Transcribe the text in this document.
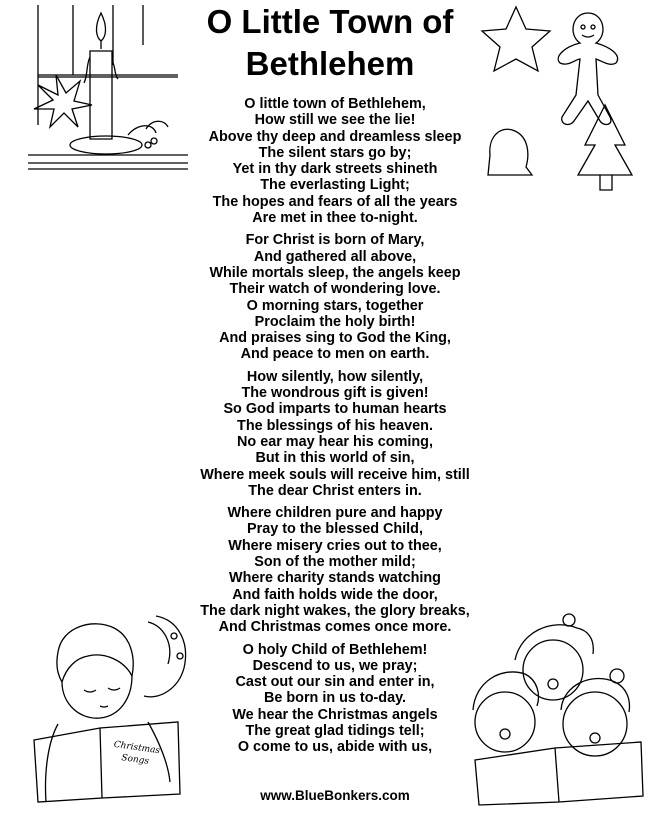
O Little Town of
Bethlehem
O little town of Bethlehem,
How still we see the lie!
Above thy deep and dreamless sleep
The silent stars go by;
Yet in thy dark streets shineth
The everlasting Light;
The hopes and fears of all the years
Are met in thee to-night.
For Christ is born of Mary,
And gathered all above,
While mortals sleep, the angels keep
Their watch of wondering love.
O morning stars, together
Proclaim the holy birth!
And praises sing to God the King,
And peace to men on earth.
How silently, how silently,
The wondrous gift is given!
So God imparts to human hearts
The blessings of his heaven.
No ear may hear his coming,
But in this world of sin,
Where meek souls will receive him, still
The dear Christ enters in.
Where children pure and happy
Pray to the blessed Child,
Where misery cries out to thee,
Son of the mother mild;
Where charity stands watching
And faith holds wide the door,
The dark night wakes, the glory breaks,
And Christmas comes once more.
O holy Child of Bethlehem!
Descend to us, we pray;
Cast out our sin and enter in,
Be born in us to-day.
We hear the Christmas angels
The great glad tidings tell;
O come to us, abide with us,
Christmas
Songs
www.BlueBonkers.com
